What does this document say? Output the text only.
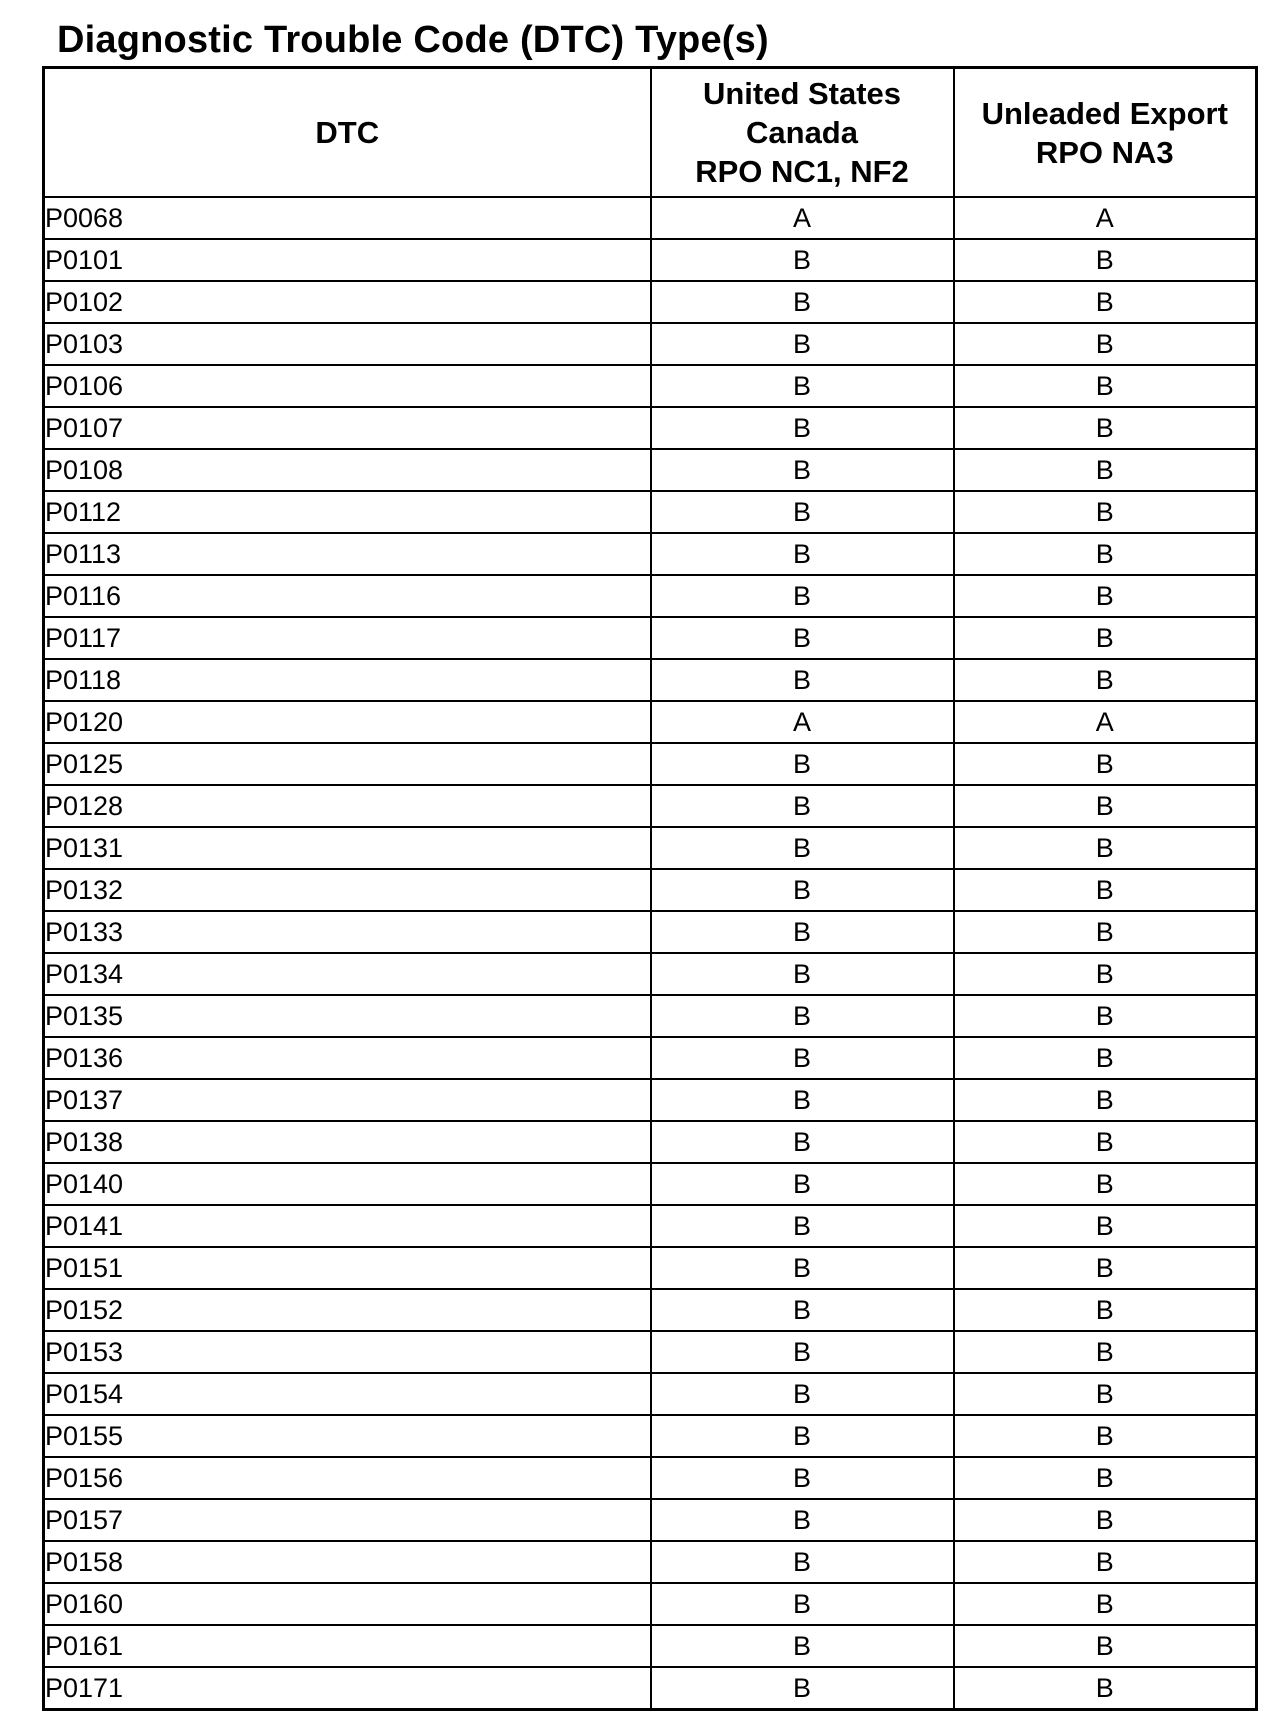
Diagnostic Trouble Code (DTC) Type(s)
DTC	United States
Canada
RPO NC1, NF2	Unleaded Export
RPO NA3

P0068	A	A
P0101	B	B
P0102	B	B
P0103	B	B
P0106	B	B
P0107	B	B
P0108	B	B
P0112	B	B
P0113	B	B
P0116	B	B
P0117	B	B
P0118	B	B
P0120	A	A
P0125	B	B
P0128	B	B
P0131	B	B
P0132	B	B
P0133	B	B
P0134	B	B
P0135	B	B
P0136	B	B
P0137	B	B
P0138	B	B
P0140	B	B
P0141	B	B
P0151	B	B
P0152	B	B
P0153	B	B
P0154	B	B
P0155	B	B
P0156	B	B
P0157	B	B
P0158	B	B
P0160	B	B
P0161	B	B
P0171	B	B
